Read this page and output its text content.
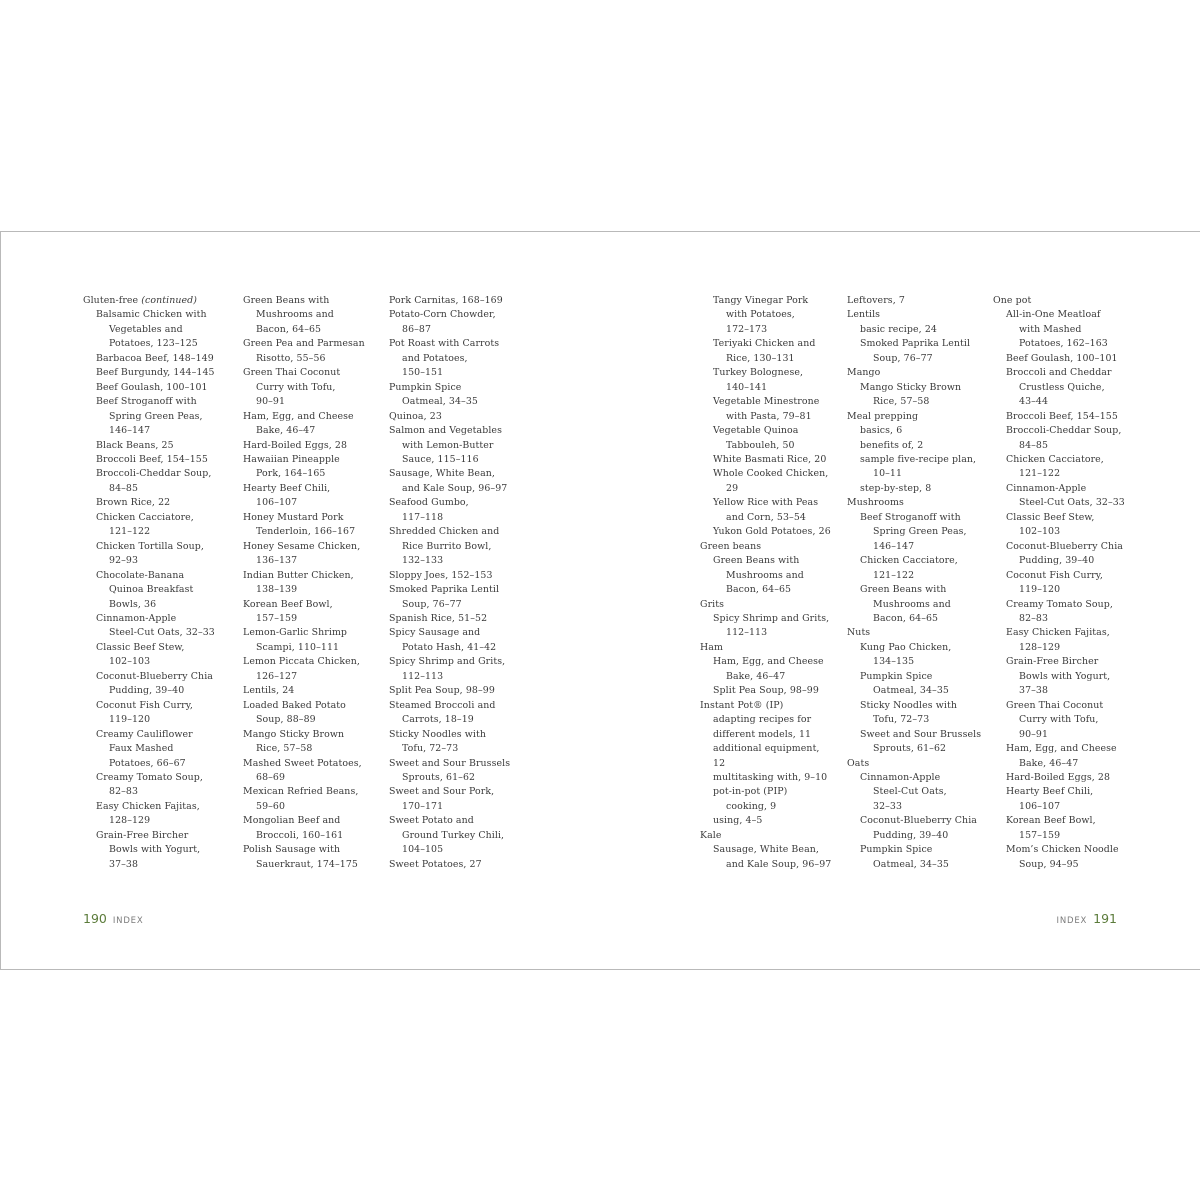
Gluten-free (continued)
Balsamic Chicken with
Vegetables and
Potatoes, 123–125
Barbacoa Beef, 148–149
Beef Burgundy, 144–145
Beef Goulash, 100–101
Beef Stroganoff with
Spring Green Peas,
146–147
Black Beans, 25
Broccoli Beef, 154–155
Broccoli-Cheddar Soup,
84–85
Brown Rice, 22
Chicken Cacciatore,
121–122
Chicken Tortilla Soup,
92–93
Chocolate-Banana
Quinoa Breakfast
Bowls, 36
Cinnamon-Apple
Steel-Cut Oats, 32–33
Classic Beef Stew,
102–103
Coconut-Blueberry Chia
Pudding, 39–40
Coconut Fish Curry,
119–120
Creamy Cauliflower
Faux Mashed
Potatoes, 66–67
Creamy Tomato Soup,
82–83
Easy Chicken Fajitas,
128–129
Grain-Free Bircher
Bowls with Yogurt,
37–38
Green Beans with
Mushrooms and
Bacon, 64–65
Green Pea and Parmesan
Risotto, 55–56
Green Thai Coconut
Curry with Tofu,
90–91
Ham, Egg, and Cheese
Bake, 46–47
Hard-Boiled Eggs, 28
Hawaiian Pineapple
Pork, 164–165
Hearty Beef Chili,
106–107
Honey Mustard Pork
Tenderloin, 166–167
Honey Sesame Chicken,
136–137
Indian Butter Chicken,
138–139
Korean Beef Bowl,
157–159
Lemon-Garlic Shrimp
Scampi, 110–111
Lemon Piccata Chicken,
126–127
Lentils, 24
Loaded Baked Potato
Soup, 88–89
Mango Sticky Brown
Rice, 57–58
Mashed Sweet Potatoes,
68–69
Mexican Refried Beans,
59–60
Mongolian Beef and
Broccoli, 160–161
Polish Sausage with
Sauerkraut, 174–175
Pork Carnitas, 168–169
Potato-Corn Chowder,
86–87
Pot Roast with Carrots
and Potatoes,
150–151
Pumpkin Spice
Oatmeal, 34–35
Quinoa, 23
Salmon and Vegetables
with Lemon-Butter
Sauce, 115–116
Sausage, White Bean,
and Kale Soup, 96–97
Seafood Gumbo,
117–118
Shredded Chicken and
Rice Burrito Bowl,
132–133
Sloppy Joes, 152–153
Smoked Paprika Lentil
Soup, 76–77
Spanish Rice, 51–52
Spicy Sausage and
Potato Hash, 41–42
Spicy Shrimp and Grits,
112–113
Split Pea Soup, 98–99
Steamed Broccoli and
Carrots, 18–19
Sticky Noodles with
Tofu, 72–73
Sweet and Sour Brussels
Sprouts, 61–62
Sweet and Sour Pork,
170–171
Sweet Potato and
Ground Turkey Chili,
104–105
Sweet Potatoes, 27
Tangy Vinegar Pork
with Potatoes,
172–173
Teriyaki Chicken and
Rice, 130–131
Turkey Bolognese,
140–141
Vegetable Minestrone
with Pasta, 79–81
Vegetable Quinoa
Tabbouleh, 50
White Basmati Rice, 20
Whole Cooked Chicken,
29
Yellow Rice with Peas
and Corn, 53–54
Yukon Gold Potatoes, 26
Green beans
Green Beans with
Mushrooms and
Bacon, 64–65
Grits
Spicy Shrimp and Grits,
112–113
Ham
Ham, Egg, and Cheese
Bake, 46–47
Split Pea Soup, 98–99
Instant Pot® (IP)
adapting recipes for
different models, 11
additional equipment,
12
multitasking with, 9–10
pot-in-pot (PIP)
cooking, 9
using, 4–5
Kale
Sausage, White Bean,
and Kale Soup, 96–97
Leftovers, 7
Lentils
basic recipe, 24
Smoked Paprika Lentil
Soup, 76–77
Mango
Mango Sticky Brown
Rice, 57–58
Meal prepping
basics, 6
benefits of, 2
sample five-recipe plan,
10–11
step-by-step, 8
Mushrooms
Beef Stroganoff with
Spring Green Peas,
146–147
Chicken Cacciatore,
121–122
Green Beans with
Mushrooms and
Bacon, 64–65
Nuts
Kung Pao Chicken,
134–135
Pumpkin Spice
Oatmeal, 34–35
Sticky Noodles with
Tofu, 72–73
Sweet and Sour Brussels
Sprouts, 61–62
Oats
Cinnamon-Apple
Steel-Cut Oats,
32–33
Coconut-Blueberry Chia
Pudding, 39–40
Pumpkin Spice
Oatmeal, 34–35
One pot
All-in-One Meatloaf
with Mashed
Potatoes, 162–163
Beef Goulash, 100–101
Broccoli and Cheddar
Crustless Quiche,
43–44
Broccoli Beef, 154–155
Broccoli-Cheddar Soup,
84–85
Chicken Cacciatore,
121–122
Cinnamon-Apple
Steel-Cut Oats, 32–33
Classic Beef Stew,
102–103
Coconut-Blueberry Chia
Pudding, 39–40
Coconut Fish Curry,
119–120
Creamy Tomato Soup,
82–83
Easy Chicken Fajitas,
128–129
Grain-Free Bircher
Bowls with Yogurt,
37–38
Green Thai Coconut
Curry with Tofu,
90–91
Ham, Egg, and Cheese
Bake, 46–47
Hard-Boiled Eggs, 28
Hearty Beef Chili,
106–107
Korean Beef Bowl,
157–159
Mom’s Chicken Noodle
Soup, 94–95
190 INDEX	INDEX 191
